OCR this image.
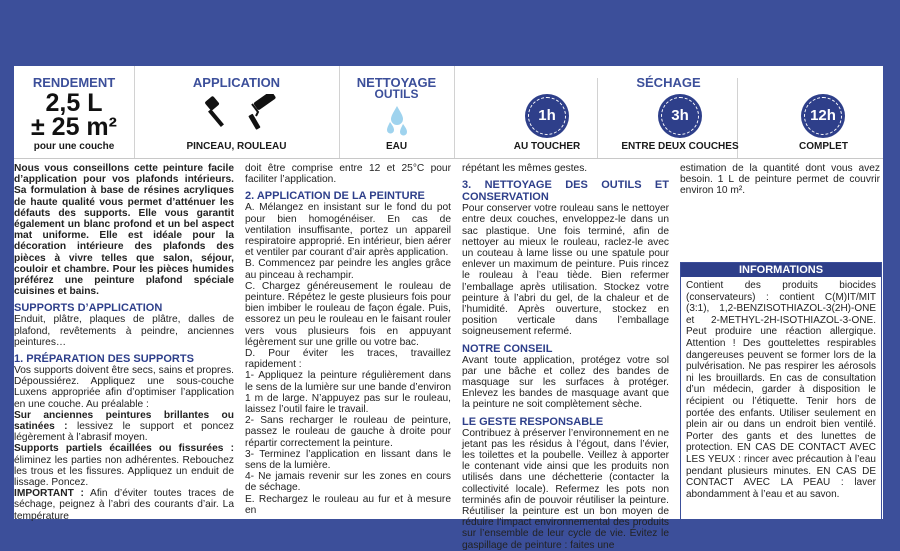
RENDEMENT
2,5 L
± 25 m²
pour une couche
APPLICATION
PINCEAU, ROULEAU
NETTOYAGE
OUTILS
EAU
SÉCHAGE
1h	3h	12h
AU TOUCHER	ENTRE DEUX COUCHES	COMPLET

Nous vous conseillons cette peinture facile d’application pour vos plafonds intérieurs. Sa formulation à base de résines acryliques de haute qualité vous permet d’atténuer les défauts des supports. Elle vous garantit également un blanc profond et un bel aspect mat uniforme. Elle est idéale pour la décoration intérieure des plafonds des pièces à vivre telles que salon, séjour, couloir et chambre. Pour les pièces humides préférez une peinture plafond spéciale cuisines et bains.

SUPPORTS D’APPLICATION

Enduit, plâtre, plaques de plâtre, dalles de plafond, revêtements à peindre, anciennes peintures…

1. PRÉPARATION DES SUPPORTS

Vos supports doivent être secs, sains et propres. Dépoussiérez. Appliquez une sous-couche Luxens appropriée afin d’optimiser l’application en une couche. Au préalable :

Sur anciennes peintures brillantes ou satinées : lessivez le support et poncez légèrement à l’abrasif moyen.

Supports partiels écaillées ou fissurées : éliminez les parties non adhérentes. Rebouchez les trous et les fissures. Appliquez un enduit de lissage. Poncez.

IMPORTANT : Afin d’éviter toutes traces de séchage, peignez à l’abri des courants d’air. La température

doit être comprise entre 12 et 25°C pour faciliter l’application.

2. APPLICATION DE LA PEINTURE

A. Mélangez en insistant sur le fond du pot pour bien homogénéiser. En cas de ventilation insuffisante, portez un appareil respiratoire approprié. En intérieur, bien aérer et ventiler par courant d’air après application.

B. Commencez par peindre les angles grâce au pinceau à rechampir.

C. Chargez généreusement le rouleau de peinture. Répétez le geste plusieurs fois pour bien imbiber le rouleau de façon égale. Puis, essorez un peu le rouleau en le faisant rouler vers vous plusieurs fois en appuyant légèrement sur une grille ou votre bac.

D. Pour éviter les traces, travaillez rapidement :

1- Appliquez la peinture régulièrement dans le sens de la lumière sur une bande d’environ 1 m de large. N’appuyez pas sur le rouleau, laissez l’outil faire le travail.

2- Sans recharger le rouleau de peinture, passez le rouleau de gauche à droite pour répartir correctement la peinture.

3- Terminez l’application en lissant dans le sens de la lumière.

4- Ne jamais revenir sur les zones en cours de séchage.

E. Rechargez le rouleau au fur et à mesure en

répétant les mêmes gestes.

3. NETTOYAGE DES OUTILS ET CONSERVATION

Pour conserver votre rouleau sans le nettoyer entre deux couches, enveloppez-le dans un sac plastique. Une fois terminé, afin de nettoyer au mieux le rouleau, raclez-le avec un couteau à lame lisse ou une spatule pour enlever un maximum de peinture. Puis rincez le rouleau à l’eau tiède. Bien refermer l’emballage après utilisation. Stockez votre peinture à l’abri du gel, de la chaleur et de l’humidité. Après ouverture, stockez en position verticale dans l’emballage soigneusement refermé.

NOTRE CONSEIL

Avant toute application, protégez votre sol par une bâche et collez des bandes de masquage sur les surfaces à protéger. Enlevez les bandes de masquage avant que la peinture ne soit complètement sèche.

LE GESTE RESPONSABLE

Contribuez à préserver l’environnement en ne jetant pas les résidus à l’égout, dans l’évier, les toilettes et la poubelle. Veillez à apporter le contenant vide ainsi que les produits non utilisés dans une déchetterie (contacter la collectivité locale). Refermez les pots non terminés afin de pouvoir réutiliser la peinture. Réutiliser la peinture est un bon moyen de réduire l’impact environnemental des produits sur l’ensemble de leur cycle de vie. Évitez le gaspillage de peinture : faites une

estimation de la quantité dont vous avez besoin. 1 L de peinture permet de couvrir environ 10 m².

INFORMATIONS
Contient des produits biocides (conservateurs) : contient C(M)IT/MIT (3:1), 1,2-BENZISOTHIAZOL-3(2H)-ONE et 2-METHYL-2H-ISOTHIAZOL-3-ONE. Peut produire une réaction allergique. Attention ! Des gouttelettes respirables dangereuses peuvent se former lors de la pulvérisation. Ne pas respirer les aérosols ni les brouillards. En cas de consultation d’un médecin, garder à disposition le récipient ou l’étiquette. Tenir hors de portée des enfants. Utiliser seulement en plein air ou dans un endroit bien ventilé. Porter des gants et des lunettes de protection. EN CAS DE CONTACT AVEC LES YEUX : rincer avec précaution à l’eau pendant plusieurs minutes. EN CAS DE CONTACT AVEC LA PEAU : laver abondamment à l’eau et au savon.
